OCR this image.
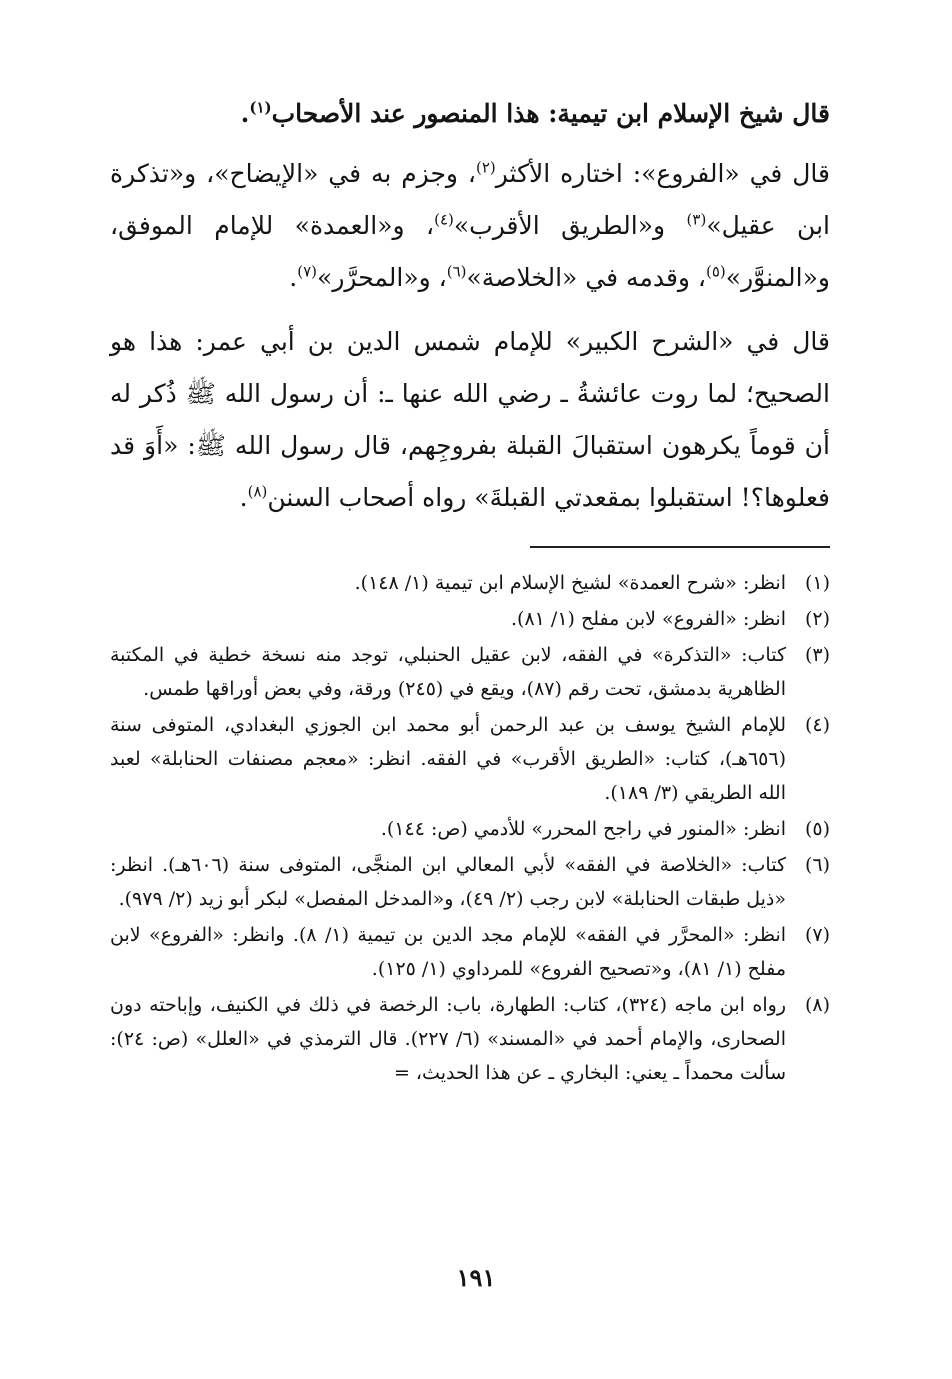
قال شيخ الإسلام ابن تيمية: هذا المنصور عند الأصحاب$^{(١)}$.

قال في «الفروع»: اختاره الأكثر$^{(٢)}$، وجزم به في «الإيضاح»، و«تذكرة ابن عقيل»$^{(٣)}$ و«الطريق الأقرب»$^{(٤)}$، و«العمدة» للإمام الموفق، و«المنوَّر»$^{(٥)}$، وقدمه في «الخلاصة»$^{(٦)}$، و«المحرَّر»$^{(٧)}$.

قال في «الشرح الكبير» للإمام شمس الدين بن أبي عمر: هذا هو الصحيح؛ لما روت عائشةُ ـ رضي الله عنها ـ: أن رسول الله ﷺ ذُكر له أن قوماً يكرهون استقبالَ القبلة بفروجِهم، قال رسول الله ﷺ: «أَوَ قد فعلوها؟! استقبلوا بمقعدتي القبلةَ» رواه أصحاب السنن$^{(٨)}$.

(١)
انظر: «شرح العمدة» لشيخ الإسلام ابن تيمية (١/ ١٤٨).
(٢)
انظر: «الفروع» لابن مفلح (١/ ٨١).
(٣)
كتاب: «التذكرة» في الفقه، لابن عقيل الحنبلي، توجد منه نسخة خطية في المكتبة الظاهرية بدمشق، تحت رقم (٨٧)، ويقع في (٢٤٥) ورقة، وفي بعض أوراقها طمس.
(٤)
للإمام الشيخ يوسف بن عبد الرحمن أبو محمد ابن الجوزي البغدادي، المتوفى سنة (٦٥٦هـ)، كتاب: «الطريق الأقرب» في الفقه. انظر: «معجم مصنفات الحنابلة» لعبد الله الطريقي (٣/ ١٨٩).
(٥)
انظر: «المنور في راجح المحرر» للأدمي (ص: ١٤٤).
(٦)
كتاب: «الخلاصة في الفقه» لأبي المعالي ابن المنجَّى، المتوفى سنة (٦٠٦هـ). انظر: «ذيل طبقات الحنابلة» لابن رجب (٢/ ٤٩)، و«المدخل المفصل» لبكر أبو زيد (٢/ ٩٧٩).
(٧)
انظر: «المحرَّر في الفقه» للإمام مجد الدين بن تيمية (١/ ٨). وانظر: «الفروع» لابن مفلح (١/ ٨١)، و«تصحيح الفروع» للمرداوي (١/ ١٢٥).
(٨)
رواه ابن ماجه (٣٢٤)، كتاب: الطهارة، باب: الرخصة في ذلك في الكنيف، وإباحته دون الصحارى، والإمام أحمد في «المسند» (٦/ ٢٢٧). قال الترمذي في «العلل» (ص: ٢٤): سألت محمداً ـ يعني: البخاري ـ عن هذا الحديث، =
١٩١
